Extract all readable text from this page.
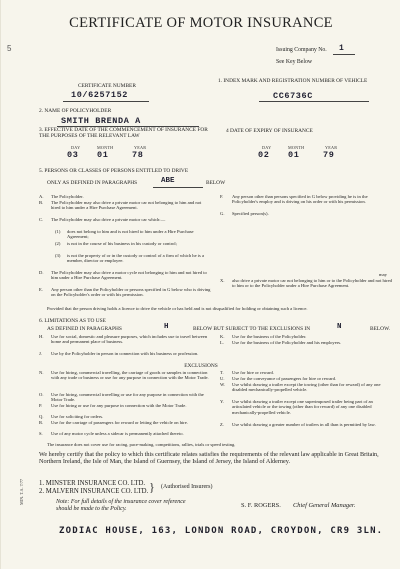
CERTIFICATE OF MOTOR INSURANCE
5	Issuing Company No. 1
See Key Below
CERTIFICATE NUMBER
10/6257152
1. INDEX MARK AND REGISTRATION NUMBER OF VEHICLE
CC6736C
2. NAME OF POLICYHOLDER
SMITH BRENDA A
3. EFFECTIVE DATE OF THE COMMENCEMENT OF INSURANCE FOR THE PURPOSES OF THE RELEVANT LAW
4 DATE OF EXPIRY OF INSURANCE
DAY	MONTH	YEAR
03 01	78
DAY	MONTH	YEAR
02 01	79
5. PERSONS OR CLASSES OF PERSONS ENTITLED TO DRIVE
ONLY AS DEFINED IN PARAGRAPHS	ABE	BELOW
A. The Policyholder.
B. The Policyholder may also drive a private motor car not belonging to him and not hired to him under a Hire Purchase Agreement.
C. The Policyholder may also drive a private motor car which:—
(1) does not belong to him and is not hired to him under a Hire Purchase Agreement;
(2) is not in the course of his business in his custody or control;
(3) is not the property of or in the custody or control of a firm of which he is a member, director or employee.
D. The Policyholder may also drive a motor cycle not belonging to him and not hired to him under a Hire Purchase Agreement.
E. Any person other than the Policyholder or persons specified in G below who is driving on the Policyholder's order or with his permission.
F. Any person other than persons specified in G below providing he is in the Policyholder's employ and is driving on his order or with his permission.
G. Specified person(s).
may
X. also drive a private motor car not belonging to him or to the Policyholder and not hired to him or to the Policyholder under a Hire Purchase Agreement.
Provided that the person driving holds a licence to drive the vehicle or has held and is not disqualified for holding or obtaining such a licence.
6. LIMITATIONS AS TO USE
AS DEFINED IN PARAGRAPHS	H	BELOW BUT SUBJECT TO THE EXCLUSIONS IN	N	BELOW.
H. Use for social, domestic and pleasure purposes, which includes use to travel between home and permanent place of business.
J. Use by the Policyholder in person in connection with his business or profession.
K. Use for the business of the Policyholder.
L. Use for the business of the Policyholder and his employers.
EXCLUSIONS
N. Use for hiring, commercial travelling, the carriage of goods or samples in connection with any trade or business or use for any purpose in connection with the Motor Trade.
O. Use for hiring, commercial travelling or use for any purpose in connection with the Motor Trade.
P. Use for hiring or use for any purpose in connection with the Motor Trade.
Q. Use for soliciting for orders.
R. Use for the carriage of passengers for reward or letting the vehicle on hire.
S. Use of any motor cycle unless a sidecar is permanently attached thereto.
T. Use for hire or reward.
U. Use for the conveyance of passengers for hire or reward.
W. Use whilst drawing a trailer except the towing (other than for reward) of any one disabled mechanically-propelled vehicle.
Y. Use whilst drawing a trailer except one superimposed trailer being part of an articulated vehicle or the towing (other than for reward) of any one disabled mechanically-propelled vehicle.
Z. Use whilst drawing a greater number of trailers in all than is permitted by law.
The insurance does not cover use for racing, pace-making, competitions, rallies, trials or speed testing.
We hereby certify that the policy to which this certificate relates satisfies the requirements of the relevant law applicable in Great Britain, Northern Ireland, the Isle of Man, the Island of Guernsey, the Island of Jersey, the Island of Alderney.
1. MINSTER INSURANCE CO. LTD.
2. MALVERN INSURANCE CO. LTD. } (Authorised Insurers)
Note: For full details of the insurance cover reference should be made to the Policy.	S. F. ROGERS. Chief General Manager.
ZODIAC HOUSE, 163, LONDON ROAD, CROYDON, CR9 3LN.
MIN. T.A. 7/77
